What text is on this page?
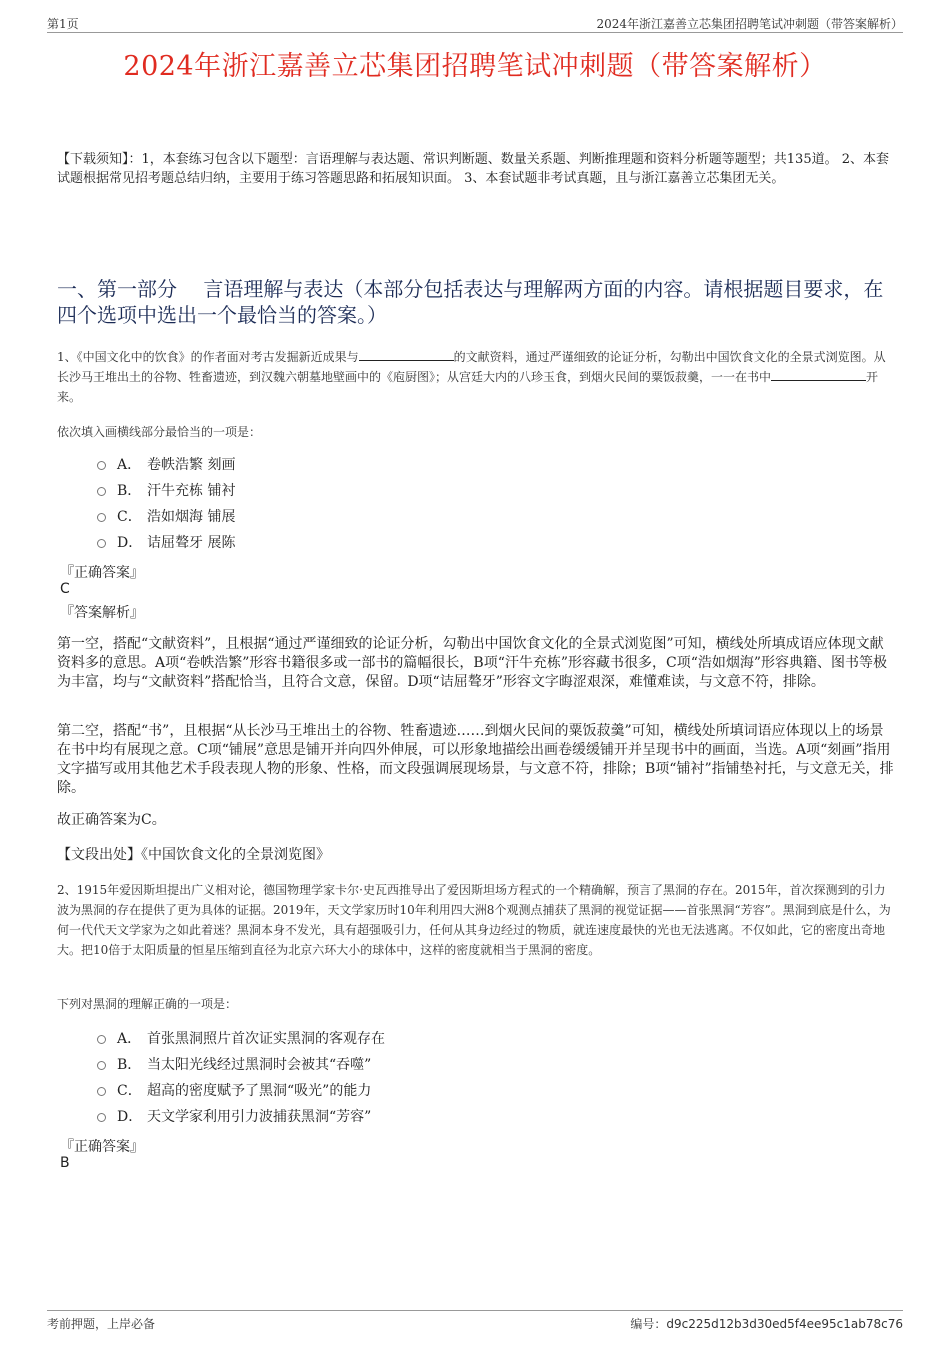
第1页	2024年浙江嘉善立芯集团招聘笔试冲刺题（带答案解析）
2024年浙江嘉善立芯集团招聘笔试冲刺题（带答案解析）
【下载须知】：1，本套练习包含以下题型：言语理解与表达题、常识判断题、数量关系题、判断推理题和资料分析题等题型；共135道。 2、本套试题根据常见招考题总结归纳，主要用于练习答题思路和拓展知识面。 3、本套试题非考试真题，且与浙江嘉善立芯集团无关。
一、第一部分　 言语理解与表达（本部分包括表达与理解两方面的内容。请根据题目要求，在四个选项中选出一个最恰当的答案。）
1、《中国文化中的饮食》的作者面对考古发掘新近成果与	的文献资料，通过严谨细致的论证分析，勾勒出中国饮食文化的全景式浏览图。从长沙马王堆出土的谷物、牲畜遗迹，到汉魏六朝墓地壁画中的《庖厨图》；从宫廷大内的八珍玉食，到烟火民间的粟饭菽羹，一一在书中	开来。
依次填入画横线部分最恰当的一项是：
A． 卷帙浩繁 刻画
B． 汗牛充栋 铺衬
C． 浩如烟海 铺展
D． 诘屈聱牙 展陈
『正确答案』
C
『答案解析』
第一空，搭配“文献资料”，且根据“通过严谨细致的论证分析，勾勒出中国饮食文化的全景式浏览图”可知，横线处所填成语应体现文献资料多的意思。A项“卷帙浩繁”形容书籍很多或一部书的篇幅很长，B项“汗牛充栋”形容藏书很多，C项“浩如烟海”形容典籍、图书等极为丰富，均与“文献资料”搭配恰当，且符合文意，保留。D项“诘屈聱牙”形容文字晦涩艰深，难懂难读，与文意不符，排除。
第二空，搭配“书”，且根据“从长沙马王堆出土的谷物、牲畜遗迹……到烟火民间的粟饭菽羹”可知，横线处所填词语应体现以上的场景在书中均有展现之意。C项“铺展”意思是铺开并向四外伸展，可以形象地描绘出画卷缓缓铺开并呈现书中的画面，当选。A项“刻画”指用文字描写或用其他艺术手段表现人物的形象、性格，而文段强调展现场景，与文意不符，排除；B项“铺衬”指铺垫衬托，与文意无关，排除。
故正确答案为C。
【文段出处】《中国饮食文化的全景浏览图》
2、1915年爱因斯坦提出广义相对论，德国物理学家卡尔·史瓦西推导出了爱因斯坦场方程式的一个精确解，预言了黑洞的存在。2015年，首次探测到的引力波为黑洞的存在提供了更为具体的证据。2019年，天文学家历时10年利用四大洲8个观测点捕获了黑洞的视觉证据——首张黑洞“芳容”。黑洞到底是什么，为何一代代天文学家为之如此着迷？黑洞本身不发光，具有超强吸引力，任何从其身边经过的物质，就连速度最快的光也无法逃离。不仅如此，它的密度出奇地大。把10倍于太阳质量的恒星压缩到直径为北京六环大小的球体中，这样的密度就相当于黑洞的密度。
下列对黑洞的理解正确的一项是：
A． 首张黑洞照片首次证实黑洞的客观存在
B． 当太阳光线经过黑洞时会被其“吞噬”
C． 超高的密度赋予了黑洞“吸光”的能力
D． 天文学家利用引力波捕获黑洞“芳容”
『正确答案』
B
考前押题，上岸必备	编号：d9c225d12b3d30ed5f4ee95c1ab78c76
